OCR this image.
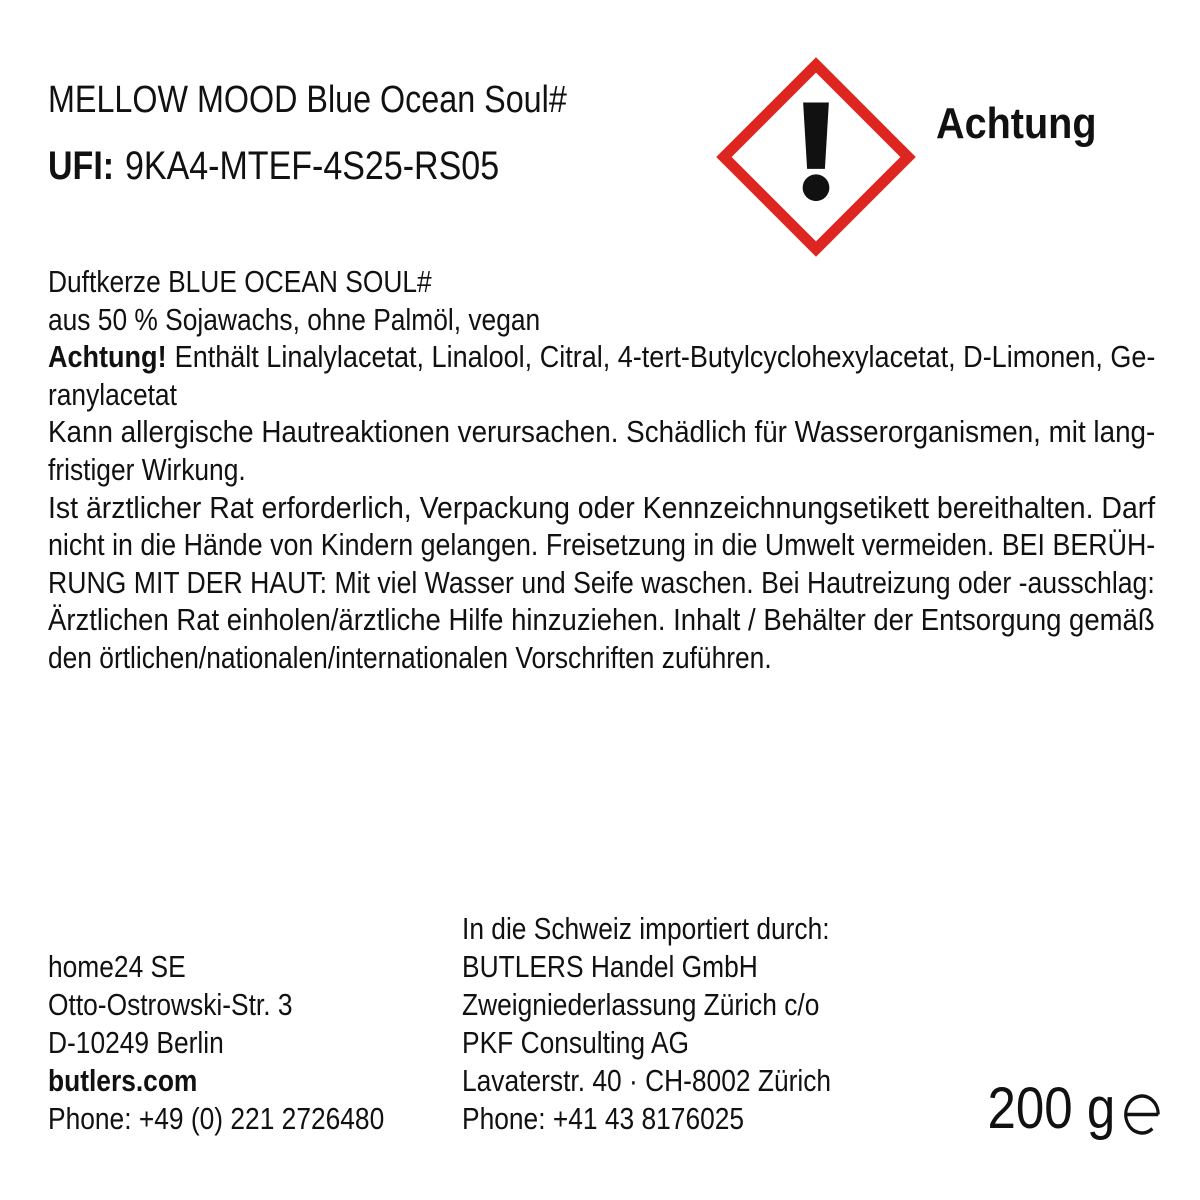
MELLOW MOOD Blue Ocean Soul#
UFI: 9KA4-MTEF-4S25-RS05
Achtung
Duftkerze BLUE OCEAN SOUL#
aus 50 % Sojawachs, ohne Palmöl, vegan
Achtung! Enthält Linalylacetat, Linalool, Citral, 4-tert-Butylcyclohexylacetat, D-Limonen, Ge-
ranylacetat
Kann allergische Hautreaktionen verursachen. Schädlich für Wasserorganismen, mit lang-
fristiger Wirkung.
Ist ärztlicher Rat erforderlich, Verpackung oder Kennzeichnungsetikett bereithalten. Darf
nicht in die Hände von Kindern gelangen. Freisetzung in die Umwelt vermeiden. BEI BERÜH-
RUNG MIT DER HAUT: Mit viel Wasser und Seife waschen. Bei Hautreizung oder -ausschlag:
Ärztlichen Rat einholen/ärztliche Hilfe hinzuziehen. Inhalt / Behälter der Entsorgung gemäß
den örtlichen/nationalen/internationalen Vorschriften zuführen.
home24 SE
Otto-Ostrowski-Str. 3
D-10249 Berlin
butlers.com
Phone: +49 (0) 221 2726480
In die Schweiz importiert durch:
BUTLERS Handel GmbH
Zweigniederlassung Zürich c/o
PKF Consulting AG
Lavaterstr. 40 · CH-8002 Zürich
Phone: +41 43 8176025	200 g
